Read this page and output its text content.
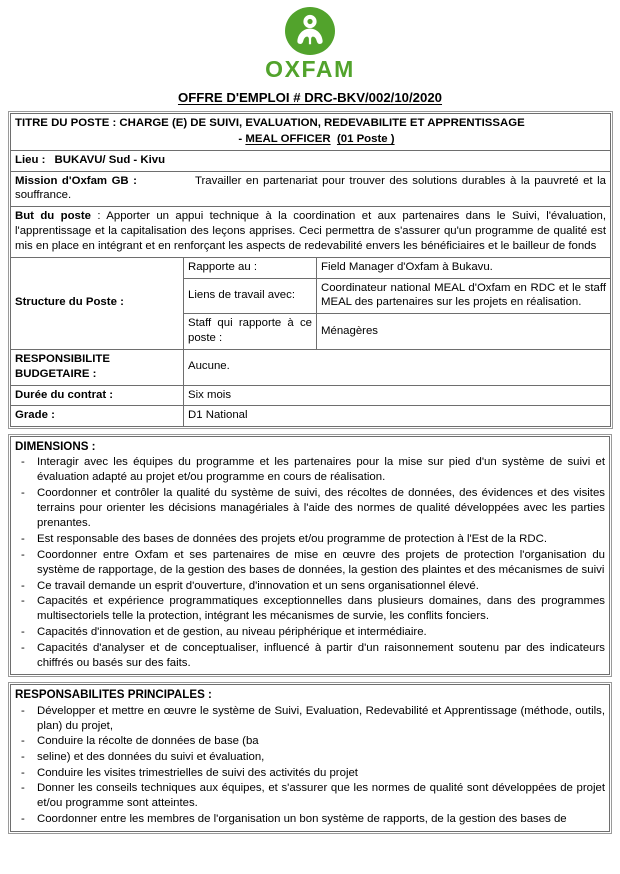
OXFAM
OFFRE D'EMPLOI # DRC-BKV/002/10/2020
TITRE DU POSTE : CHARGE (E) DE SUIVI, EVALUATION, REDEVABILITE ET APPRENTISSAGE
- MEAL OFFICER (01 Poste )		

Lieu : BUKAVU/ Sud - Kivu		
Mission d'Oxfam GB : Travailler en partenariat pour trouver des solutions durables à la pauvreté et la souffrance.		
But du poste : Apporter un appui technique à la coordination et aux partenaires dans le Suivi, l'évaluation, l'apprentissage et la capitalisation des leçons apprises. Ceci permettra de s'assurer qu'un programme de qualité est mis en place en intégrant et en renforçant les aspects de redevabilité envers les bénéficiaires et le bailleur de fonds		
Structure du Poste :	Rapporte au :	Field Manager d'Oxfam à Bukavu.
	Liens de travail avec:	Coordinateur national MEAL d'Oxfam en RDC et le staff MEAL des partenaires sur les projets en réalisation.
	Staff qui rapporte à ce poste :	Ménagères
RESPONSIBILITE BUDGETAIRE :	Aucune.	
Durée du contrat :	Six mois	
Grade :	D1 National	
DIMENSIONS :
- Interagir avec les équipes du programme et les partenaires pour la mise sur pied d'un système de suivi et évaluation adapté au projet et/ou programme en cours de réalisation.
- Coordonner et contrôler la qualité du système de suivi, des récoltes de données, des évidences et des visites terrains pour orienter les décisions managériales à l'aide des normes de qualité développées avec les parties prenantes.
- Est responsable des bases de données des projets et/ou programme de protection à l'Est de la RDC.
- Coordonner entre Oxfam et ses partenaires de mise en œuvre des projets de protection l'organisation du système de rapportage, de la gestion des bases de données, la gestion des plaintes et des mécanismes de suivi
- Ce travail demande un esprit d'ouverture, d'innovation et un sens organisationnel élevé.
- Capacités et expérience programmatiques exceptionnelles dans plusieurs domaines, dans des programmes multisectoriels telle la protection, intégrant les mécanismes de survie, les conflits fonciers.
- Capacités d'innovation et de gestion, au niveau périphérique et intermédiaire.
- Capacités d'analyser et de conceptualiser, influencé à partir d'un raisonnement soutenu par des indicateurs chiffrés ou basés sur des faits.
RESPONSABILITES PRINCIPALES :
- Développer et mettre en œuvre le système de Suivi, Evaluation, Redevabilité et Apprentissage (méthode, outils, plan) du projet,
- Conduire la récolte de données de base (ba
- seline) et des données du suivi et évaluation,
- Conduire les visites trimestrielles de suivi des activités du projet
- Donner les conseils techniques aux équipes, et s'assurer que les normes de qualité sont développées de projet et/ou programme sont atteintes.
- Coordonner entre les membres de l'organisation un bon système de rapports, de la gestion des bases de
